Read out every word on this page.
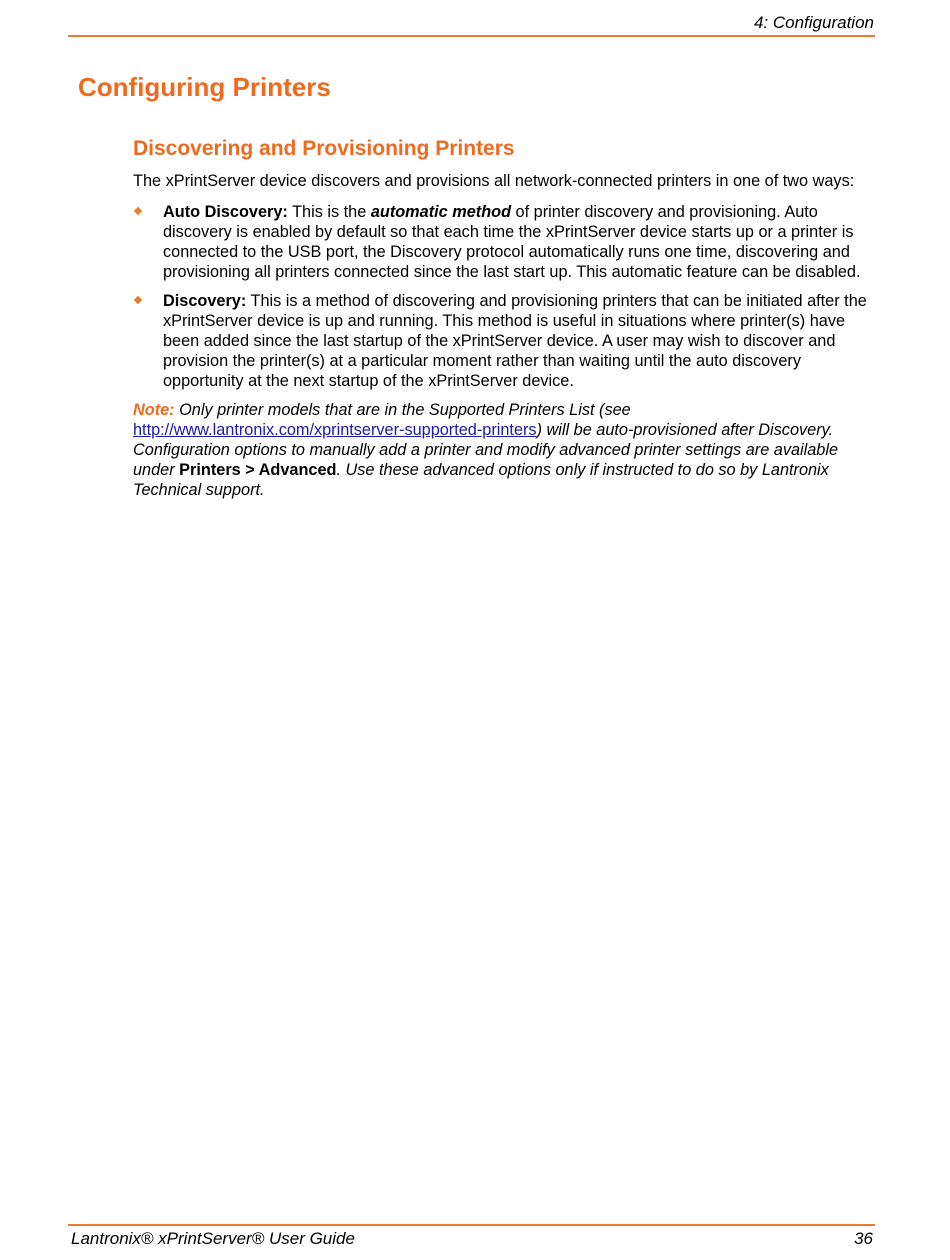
4: Configuration
Configuring Printers
Discovering and Provisioning Printers

The xPrintServer device discovers and provisions all network-connected printers in one of two ways:

Auto Discovery: This is the automatic method of printer discovery and provisioning. Auto discovery is enabled by default so that each time the xPrintServer device starts up or a printer is connected to the USB port, the Discovery protocol automatically runs one time, discovering and provisioning all printers connected since the last start up. This automatic feature can be disabled.
Discovery: This is a method of discovering and provisioning printers that can be initiated after the xPrintServer device is up and running. This method is useful in situations where printer(s) have been added since the last startup of the xPrintServer device. A user may wish to discover and provision the printer(s) at a particular moment rather than waiting until the auto discovery opportunity at the next startup of the xPrintServer device.
Note: Only printer models that are in the Supported Printers List (see http://www.lantronix.com/xprintserver-supported-printers) will be auto-provisioned after Discovery. Configuration options to manually add a printer and modify advanced printer settings are available under Printers > Advanced. Use these advanced options only if instructed to do so by Lantronix Technical support.
Lantronix® xPrintServer® User Guide	36
